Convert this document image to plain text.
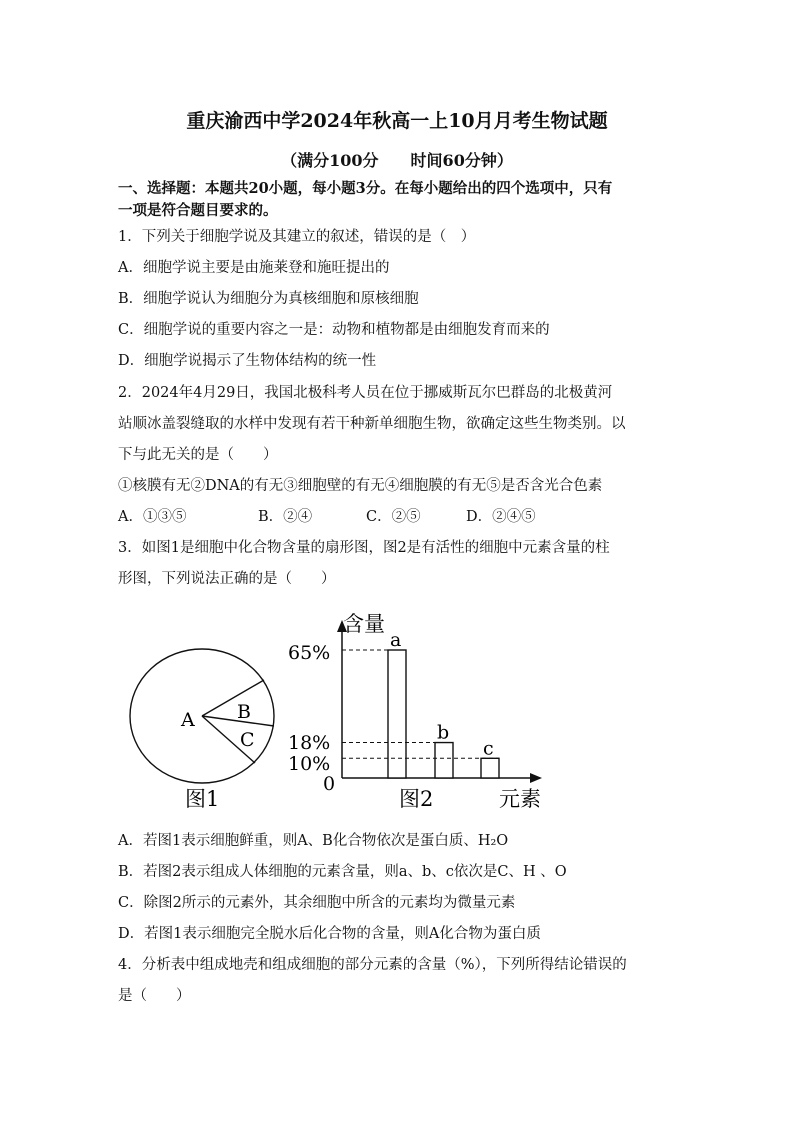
重庆渝西中学2024年秋高一上10月月考生物试题
（满分100分　　时间60分钟）
一、选择题：本题共20小题，每小题3分。在每小题给出的四个选项中，只有
一项是符合题目要求的。
1．下列关于细胞学说及其建立的叙述，错误的是（　）
A．细胞学说主要是由施莱登和施旺提出的
B．细胞学说认为细胞分为真核细胞和原核细胞
C．细胞学说的重要内容之一是：动物和植物都是由细胞发育而来的
D．细胞学说揭示了生物体结构的统一性
2．2024年4月29日，我国北极科考人员在位于挪威斯瓦尔巴群岛的北极黄河
站顺冰盖裂缝取的水样中发现有若干种新单细胞生物，欲确定这些生物类别。以
下与此无关的是（　　）
①核膜有无②DNA的有无③细胞壁的有无④细胞膜的有无⑤是否含光合色素
A．①③⑤	B．②④	C．②⑤	D．②④⑤
3．如图1是细胞中化合物含量的扇形图，图2是有活性的细胞中元素含量的柱
形图，下列说法正确的是（　　）
A B
C
图1
含量
元素
图2
65%
18%
10%
0
a
b
c
A．若图1表示细胞鲜重，则A、B化合物依次是蛋白质、H₂O
B．若图2表示组成人体细胞的元素含量，则a、b、c依次是C、H 、O
C．除图2所示的元素外，其余细胞中所含的元素均为微量元素
D．若图1表示细胞完全脱水后化合物的含量，则A化合物为蛋白质
4．分析表中组成地壳和组成细胞的部分元素的含量（%），下列所得结论错误的
是（　　）
